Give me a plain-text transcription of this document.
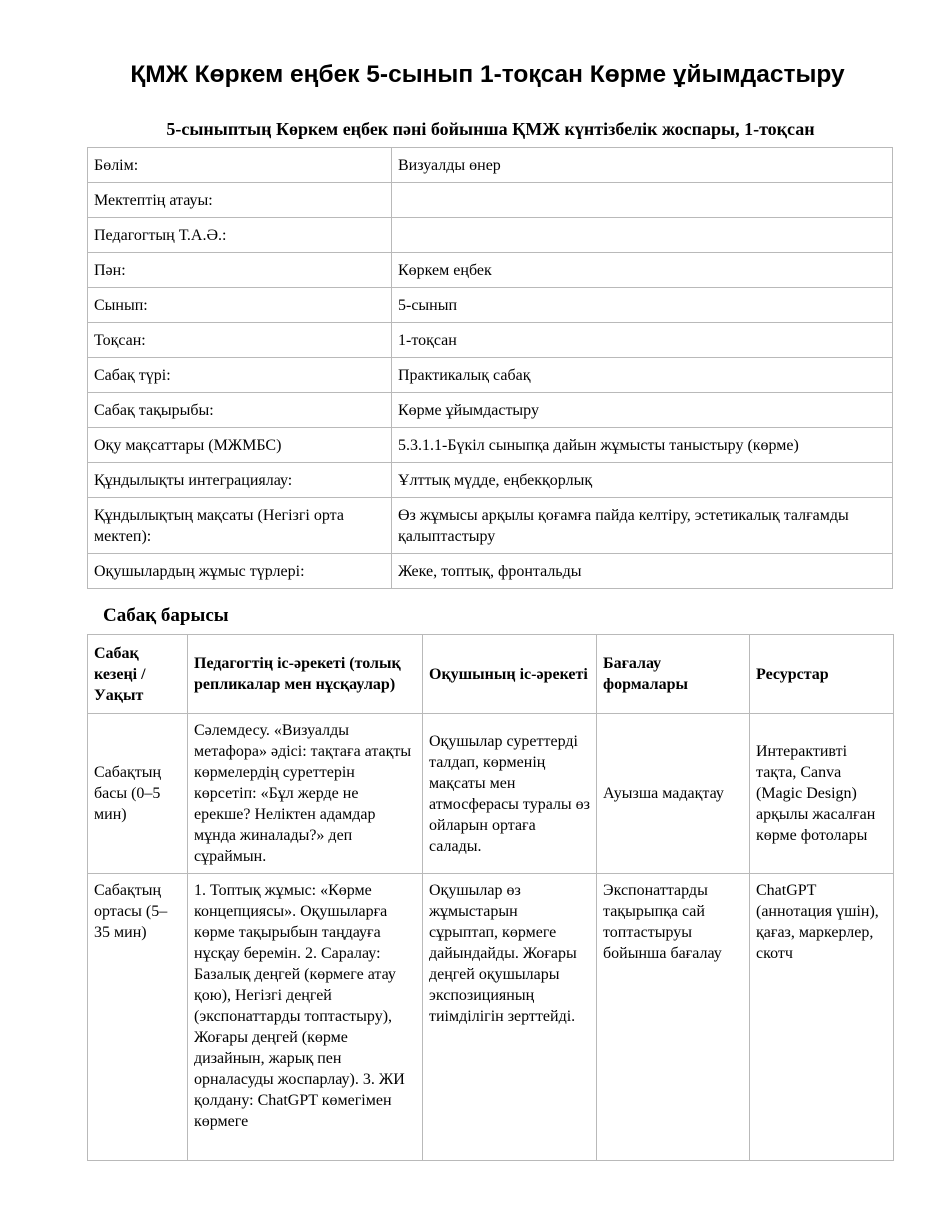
ҚМЖ Көркем еңбек 5-сынып 1-тоқсан Көрме ұйымдастыру
5-сыныптың Көркем еңбек пәні бойынша ҚМЖ күнтізбелік жоспары, 1-тоқсан
Бөлім:	Визуалды өнер
Мектептің атауы:	
Педагогтың Т.А.Ә.:	
Пән:	Көркем еңбек
Сынып:	5-сынып
Тоқсан:	1-тоқсан
Сабақ түрі:	Практикалық сабақ
Сабақ тақырыбы:	Көрме ұйымдастыру
Оқу мақсаттары (МЖМБС)	5.3.1.1-Бүкіл сыныпқа дайын жұмысты таныстыру (көрме)
Құндылықты интеграциялау:	Ұлттық мүдде, еңбекқорлық
Құндылықтың мақсаты (Негізгі орта мектеп):	Өз жұмысы арқылы қоғамға пайда келтіру, эстетикалық талғамды қалыптастыру
Оқушылардың жұмыс түрлері:	Жеке, топтық, фронтальды
Сабақ барысы
Сабақ кезеңі / Уақыт	Педагогтің іс-әрекеті (толық репликалар мен нұсқаулар)	Оқушының іс-әрекеті	Бағалау формалары	Ресурстар
Сабақтың басы (0–5 мин)	Сәлемдесу. «Визуалды метафора» әдісі: тақтаға атақты көрмелердің суреттерін көрсетіп: «Бұл жерде не ерекше? Неліктен адамдар мұнда жиналады?» деп сұраймын.	Оқушылар суреттерді талдап, көрменің мақсаты мен атмосферасы туралы өз ойларын ортаға салады.	Ауызша мадақтау	Интерактивті тақта, Canva (Magic Design) арқылы жасалған көрме фотолары

Сабақтың ортасы (5–35 мин)	1. Топтық жұмыс: «Көрме концепциясы». Оқушыларға көрме тақырыбын таңдауға нұсқау беремін. 2. Саралау: Базалық деңгей (көрмеге атау қою), Негізгі деңгей (экспонаттарды топтастыру), Жоғары деңгей (көрме дизайнын, жарық пен орналасуды жоспарлау). 3. ЖИ қолдану: ChatGPT көмегімен көрмеге	Оқушылар өз жұмыстарын сұрыптап, көрмеге дайындайды. Жоғары деңгей оқушылары экспозицияның тиімділігін зерттейді.	Экспонаттарды тақырыпқа сай топтастыруы бойынша бағалау	ChatGPT (аннотация үшін), қағаз, маркерлер, скотч
